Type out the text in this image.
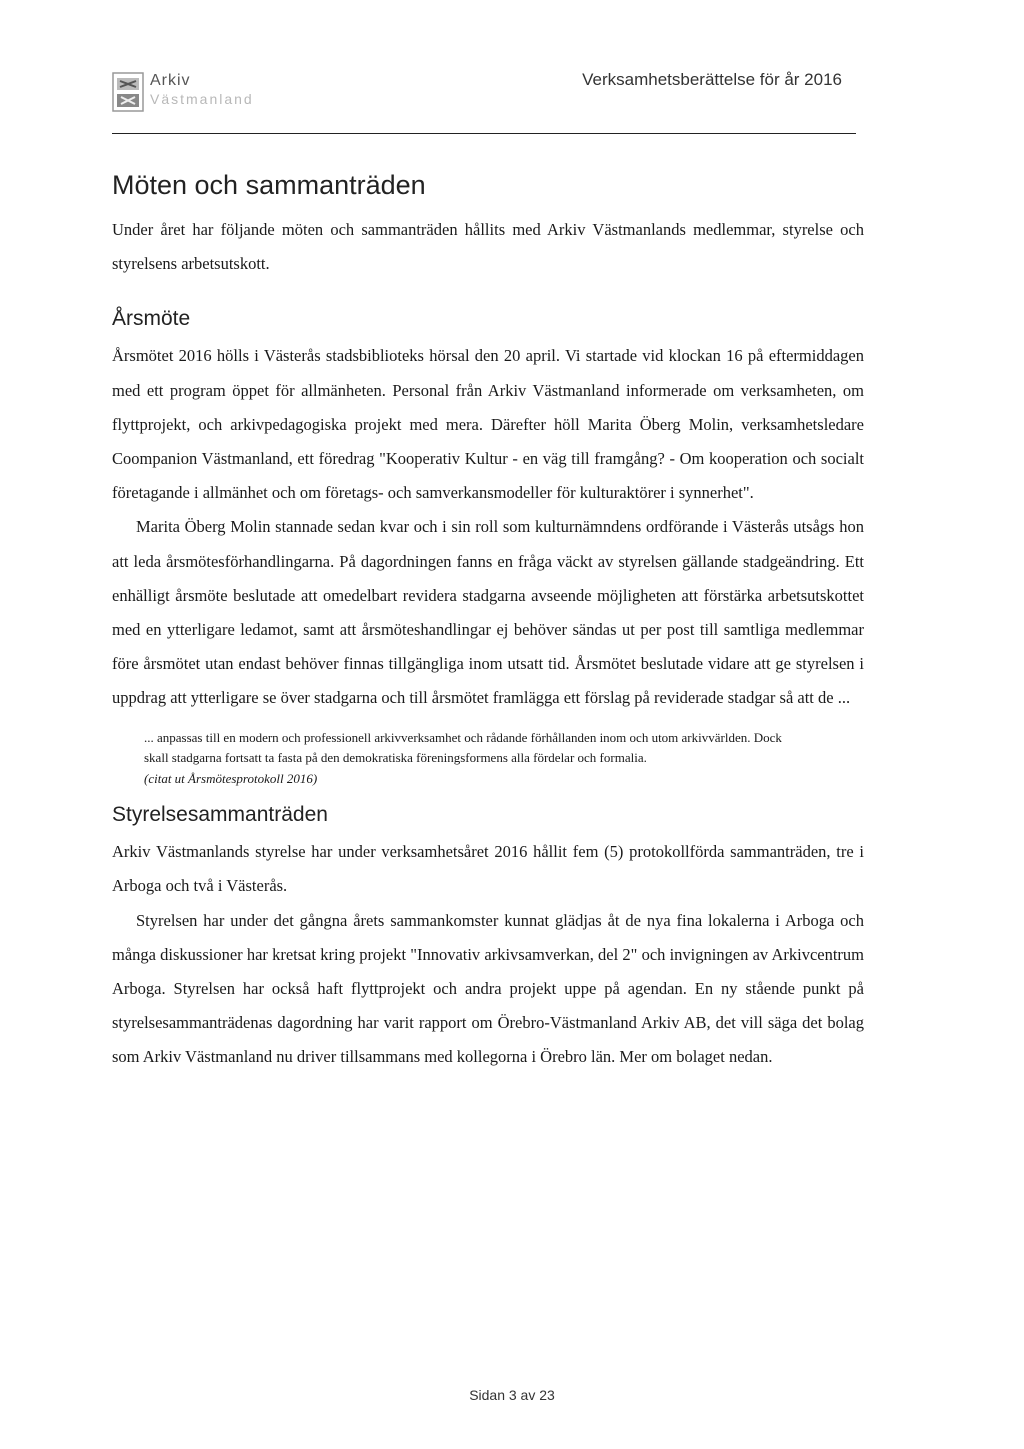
Arkiv
Västmanland
Verksamhetsberättelse för år 2016
Möten och sammanträden

Under året har följande möten och sammanträden hållits med Arkiv Västmanlands medlemmar, styrelse och styrelsens arbetsutskott.

Årsmöte

Årsmötet 2016 hölls i Västerås stadsbiblioteks hörsal den 20 april. Vi startade vid klockan 16 på eftermiddagen med ett program öppet för allmänheten. Personal från Arkiv Västmanland informerade om verksamheten, om flyttprojekt, och arkivpedagogiska projekt med mera. Därefter höll Marita Öberg Molin, verksamhetsledare Coompanion Västmanland, ett föredrag "Kooperativ Kultur - en väg till framgång? - Om kooperation och socialt företagande i allmänhet och om företags- och samverkansmodeller för kulturaktörer i synnerhet".

Marita Öberg Molin stannade sedan kvar och i sin roll som kulturnämndens ordförande i Västerås utsågs hon att leda årsmötesförhandlingarna. På dagordningen fanns en fråga väckt av styrelsen gällande stadgeändring. Ett enhälligt årsmöte beslutade att omedelbart revidera stadgarna avseende möjligheten att förstärka arbetsutskottet med en ytterligare ledamot, samt att årsmöteshandlingar ej behöver sändas ut per post till samtliga medlemmar före årsmötet utan endast behöver finnas tillgängliga inom utsatt tid. Årsmötet beslutade vidare att ge styrelsen i uppdrag att ytterligare se över stadgarna och till årsmötet framlägga ett förslag på reviderade stadgar så att de ...

... anpassas till en modern och professionell arkivverksamhet och rådande förhållanden inom och utom arkivvärlden. Dock skall stadgarna fortsatt ta fasta på den demokratiska föreningsformens alla fördelar och formalia.
(citat ut Årsmötesprotokoll 2016)
Styrelsesammanträden

Arkiv Västmanlands styrelse har under verksamhetsåret 2016 hållit fem (5) protokollförda sammanträden, tre i Arboga och två i Västerås.

Styrelsen har under det gångna årets sammankomster kunnat glädjas åt de nya fina lokalerna i Arboga och många diskussioner har kretsat kring projekt "Innovativ arkivsamverkan, del 2" och invigningen av Arkivcentrum Arboga. Styrelsen har också haft flyttprojekt och andra projekt uppe på agendan. En ny stående punkt på styrelsesammanträdenas dagordning har varit rapport om Örebro-Västmanland Arkiv AB, det vill säga det bolag som Arkiv Västmanland nu driver tillsammans med kollegorna i Örebro län. Mer om bolaget nedan.

Sidan 3 av 23
